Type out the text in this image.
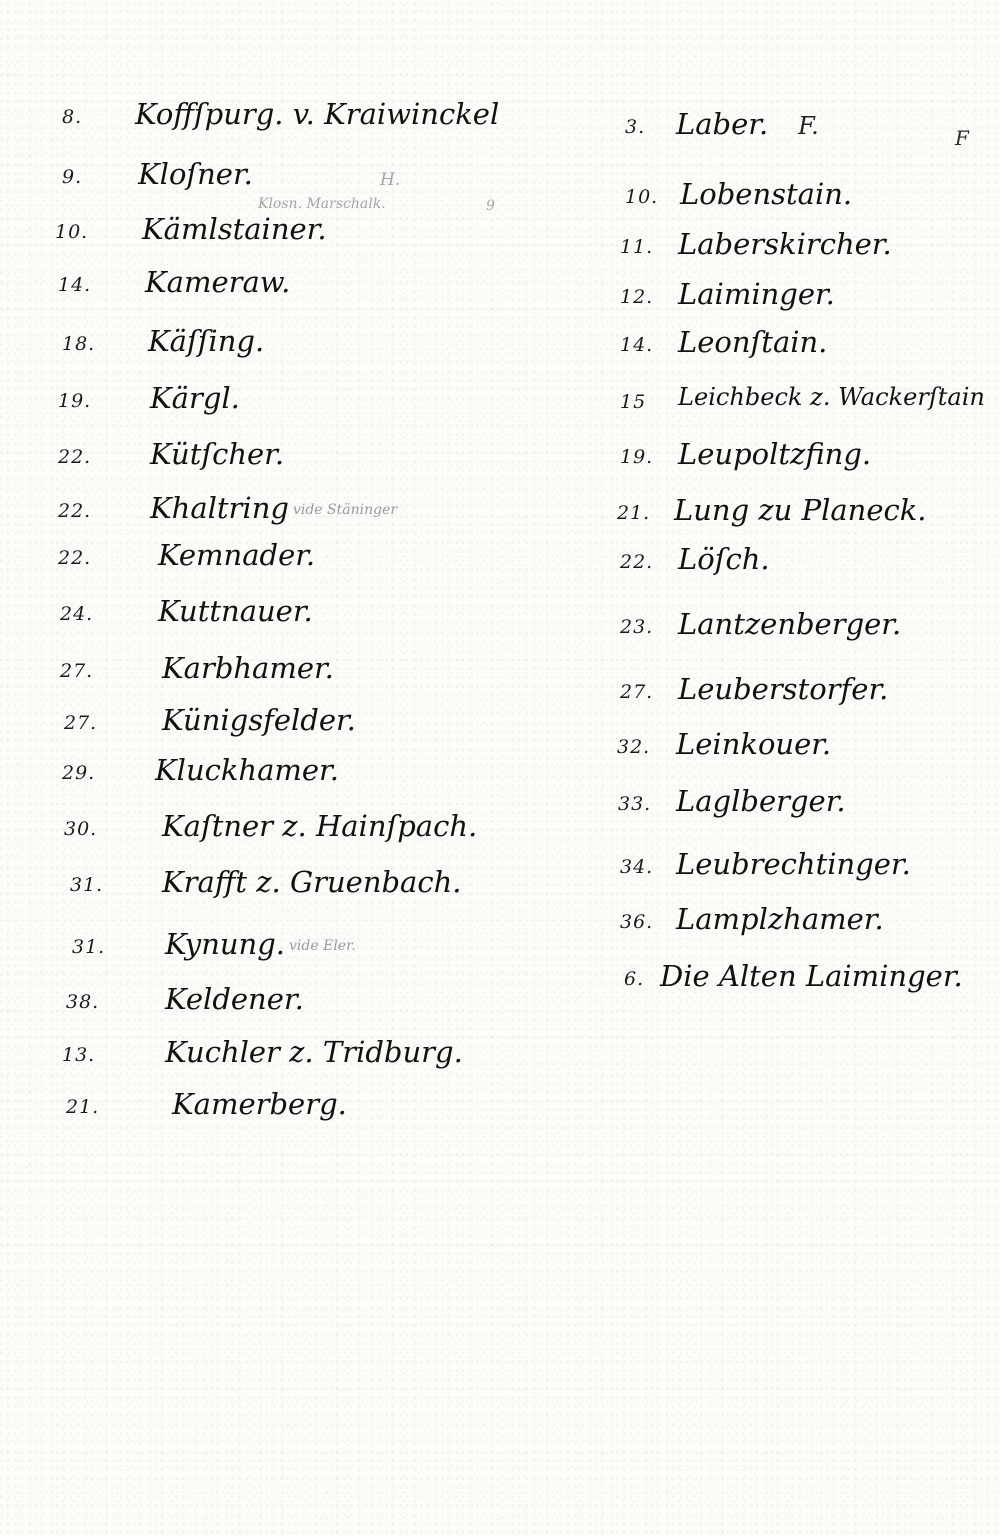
F
H.
Klosn. Marschalk.	9
8. Koffſpurg. v. Kraiwinckel
9. Kloſner.
10. Kämlstainer.
14. Kameraw.
18. Käſſing.
19. Kärgl.
22. Kütſcher.
22. Khaltring vide Stäninger
22. Kemnader.
24. Kuttnauer.
27. Karbhamer.
27. Künigsfelder.
29. Kluckhamer.
30. Kaſtner z. Hainſpach.
31. Krafft z. Gruenbach.
31. Kynung. vide Eler.
38. Keldener.
13. Kuchler z. Tridburg.
21.	Kamerberg.
3. Laber. F.
10. Lobenstain.
11. Laberskircher.
12. Laiminger.
14. Leonſtain.
15 Leichbeck z. Wackerſtain
19. Leupoltzfing.
21. Lung zu Planeck.
22. Löſch.
23. Lantzenberger.
27. Leuberstorfer.
32. Leinkouer.
33. Laglberger.
34. Leubrechtinger.
36. Lamplzhamer.
6. Die Alten Laiminger.
